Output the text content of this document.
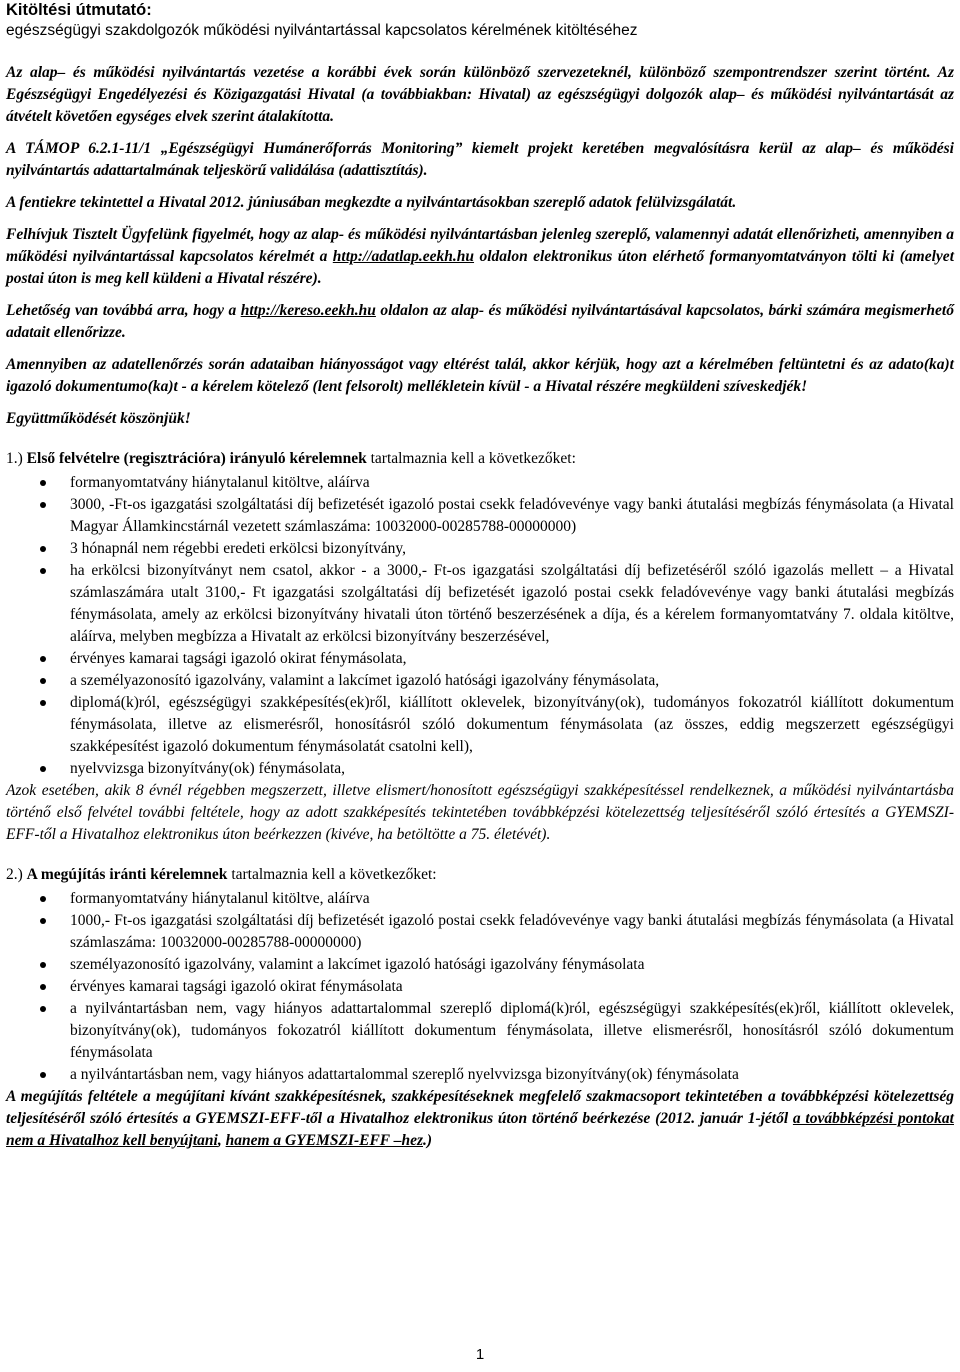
Kitöltési útmutató:
egészségügyi szakdolgozók működési nyilvántartással kapcsolatos kérelmének kitöltéséhez

Az alap– és működési nyilvántartás vezetése a korábbi évek során különböző szervezeteknél, különböző szempontrendszer szerint történt. Az Egészségügyi Engedélyezési és Közigazgatási Hivatal (a továbbiakban: Hivatal) az egészségügyi dolgozók alap– és működési nyilvántartását az átvételt követően egységes elvek szerint átalakította.

A TÁMOP 6.2.1-11/1 „Egészségügyi Humánerőforrás Monitoring” kiemelt projekt keretében megvalósításra kerül az alap– és működési nyilvántartás adattartalmának teljeskörű validálása (adattisztítás).

A fentiekre tekintettel a Hivatal 2012. júniusában megkezdte a nyilvántartásokban szereplő adatok felülvizsgálatát.

Felhívjuk Tisztelt Ügyfelünk figyelmét, hogy az alap- és működési nyilvántartásban jelenleg szereplő, valamennyi adatát ellenőrizheti, amennyiben a működési nyilvántartással kapcsolatos kérelmét a http://adatlap.eekh.hu oldalon elektronikus úton elérhető formanyomtatványon tölti ki (amelyet postai úton is meg kell küldeni a Hivatal részére).

Lehetőség van továbbá arra, hogy a http://kereso.eekh.hu oldalon az alap- és működési nyilvántartásával kapcsolatos, bárki számára megismerhető adatait ellenőrizze.

Amennyiben az adatellenőrzés során adataiban hiányosságot vagy eltérést talál, akkor kérjük, hogy azt a kérelmében feltüntetni és az adato(ka)t igazoló dokumentumo(ka)t - a kérelem kötelező (lent felsorolt) mellékletein kívül - a Hivatal részére megküldeni szíveskedjék!

Együttműködését köszönjük!

1.) Első felvételre (regisztrációra) irányuló kérelemnek tartalmaznia kell a következőket:
formanyomtatvány hiánytalanul kitöltve, aláírva
3000, -Ft-os igazgatási szolgáltatási díj befizetését igazoló postai csekk feladóvevénye vagy banki átutalási megbízás fénymásolata (a Hivatal Magyar Államkincstárnál vezetett számlaszáma: 10032000-00285788-00000000)
3 hónapnál nem régebbi eredeti erkölcsi bizonyítvány,
ha erkölcsi bizonyítványt nem csatol, akkor - a 3000,- Ft-os igazgatási szolgáltatási díj befizetéséről szóló igazolás mellett – a Hivatal számlaszámára utalt 3100,- Ft igazgatási szolgáltatási díj befizetését igazoló postai csekk feladóvevénye vagy banki átutalási megbízás fénymásolata, amely az erkölcsi bizonyítvány hivatali úton történő beszerzésének a díja, és a kérelem formanyomtatvány 7. oldala kitöltve, aláírva, melyben megbízza a Hivatalt az erkölcsi bizonyítvány beszerzésével,
érvényes kamarai tagsági igazoló okirat fénymásolata,
a személyazonosító igazolvány, valamint a lakcímet igazoló hatósági igazolvány fénymásolata,
diplomá(k)ról, egészségügyi szakképesítés(ek)ről, kiállított oklevelek, bizonyítvány(ok), tudományos fokozatról kiállított dokumentum fénymásolata, illetve az elismerésről, honosításról szóló dokumentum fénymásolata (az összes, eddig megszerzett egészségügyi szakképesítést igazoló dokumentum fénymásolatát csatolni kell),
nyelvvizsga bizonyítvány(ok) fénymásolata,
Azok esetében, akik 8 évnél régebben megszerzett, illetve elismert/honosított egészségügyi szakképesítéssel rendelkeznek, a működési nyilvántartásba történő első felvétel további feltétele, hogy az adott szakképesítés tekintetében továbbképzési kötelezettség teljesítéséről szóló értesítés a GYEMSZI-EFF-től a Hivatalhoz elektronikus úton beérkezzen (kivéve, ha betöltötte a 75. életévét).
2.) A megújítás iránti kérelemnek tartalmaznia kell a következőket:
formanyomtatvány hiánytalanul kitöltve, aláírva
1000,- Ft-os igazgatási szolgáltatási díj befizetését igazoló postai csekk feladóvevénye vagy banki átutalási megbízás fénymásolata (a Hivatal számlaszáma: 10032000-00285788-00000000)
személyazonosító igazolvány, valamint a lakcímet igazoló hatósági igazolvány fénymásolata
érvényes kamarai tagsági igazoló okirat fénymásolata
a nyilvántartásban nem, vagy hiányos adattartalommal szereplő diplomá(k)ról, egészségügyi szakképesítés(ek)ről, kiállított oklevelek, bizonyítvány(ok), tudományos fokozatról kiállított dokumentum fénymásolata, illetve elismerésről, honosításról szóló dokumentum fénymásolata
a nyilvántartásban nem, vagy hiányos adattartalommal szereplő nyelvvizsga bizonyítvány(ok) fénymásolata
A megújítás feltétele a megújítani kívánt szakképesítésnek, szakképesítéseknek megfelelő szakmacsoport tekintetében a továbbképzési kötelezettség teljesítéséről szóló értesítés a GYEMSZI-EFF-től a Hivatalhoz elektronikus úton történő beérkezése (2012. január 1-jétől a továbbképzési pontokat nem a Hivatalhoz kell benyújtani, hanem a GYEMSZI-EFF –hez.)
1
